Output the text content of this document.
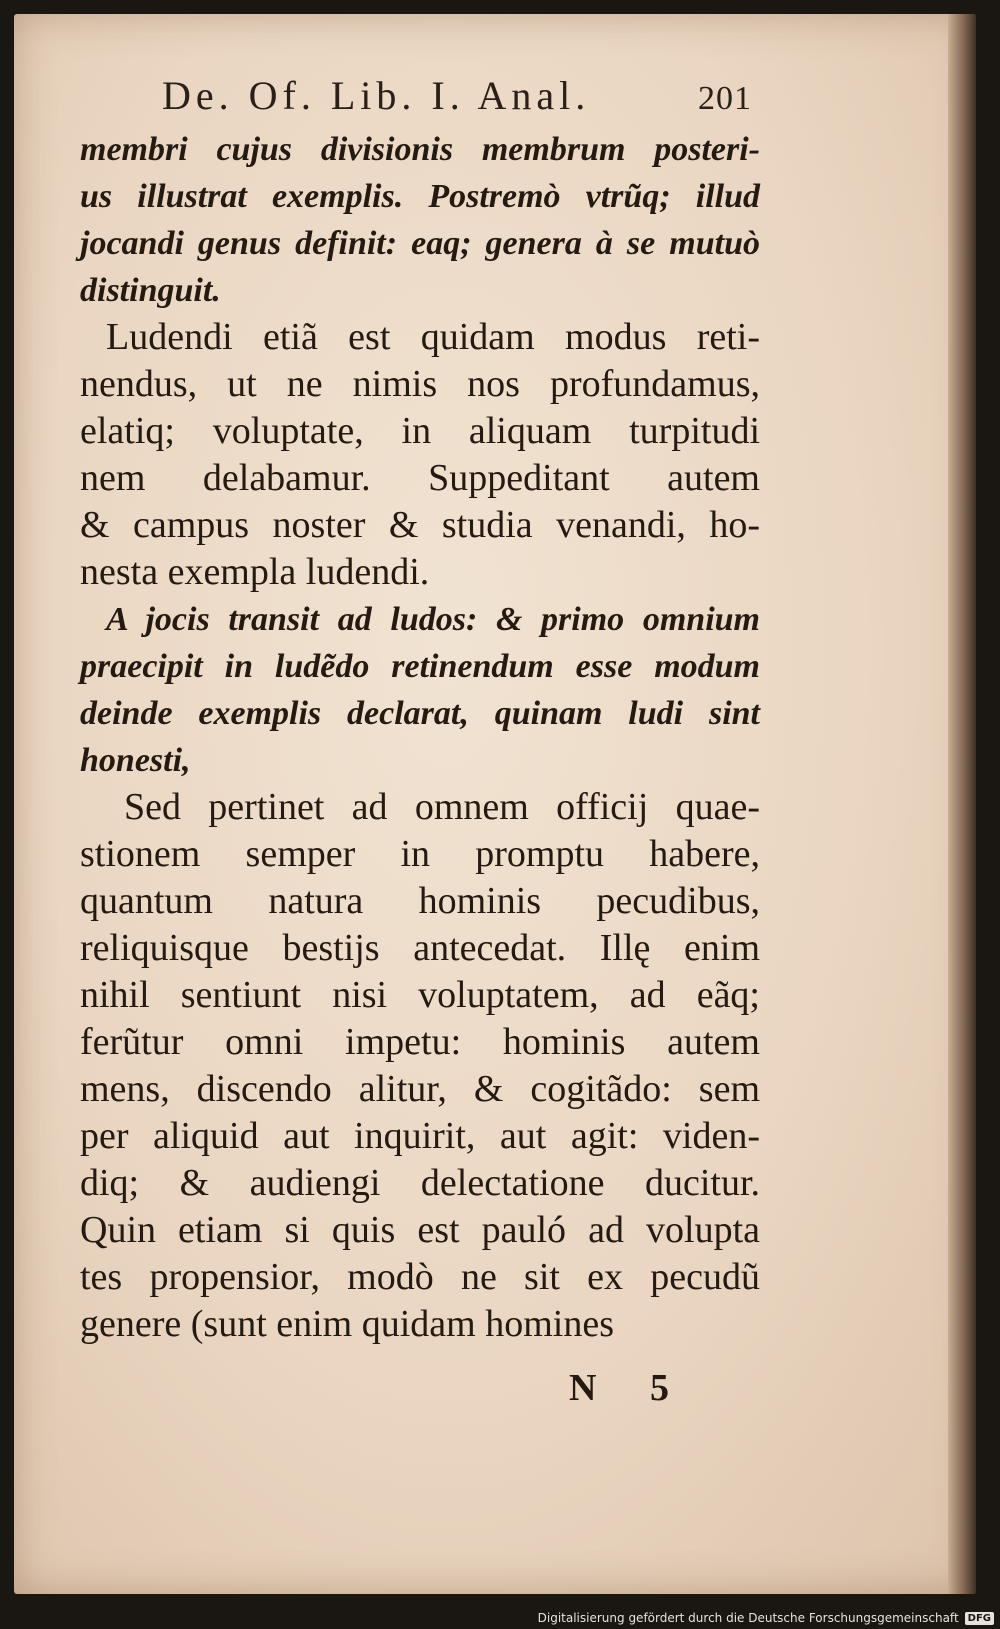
De. Of. Lib. I. Anal.	201
membri cujus divisionis membrum posteri-
us illustrat exemplis. Postremò vtrũq; illud
jocandi genus definit: eaq; genera à se mutuò
distinguit.
Ludendi etiã est quidam modus reti-
nendus, ut ne nimis nos profundamus,
elatiq; voluptate, in aliquam turpitudi
nem delabamur. Suppeditant autem
& campus noster & studia venandi, ho-
nesta exempla ludendi.
A jocis transit ad ludos: & primo omnium
praecipit in ludẽdo retinendum esse modum
deinde exemplis declarat, quinam ludi sint
honesti,
Sed pertinet ad omnem officij quae-
stionem semper in promptu habere,
quantum natura hominis pecudibus,
reliquisque bestijs antecedat. Illę enim
nihil sentiunt nisi voluptatem, ad eãq;
ferũtur omni impetu: hominis autem
mens, discendo alitur, & cogitãdo: sem
per aliquid aut inquirit, aut agit: viden-
diq; & audiengi delectatione ducitur.
Quin etiam si quis est pauló ad volupta
tes propensior, modò ne sit ex pecudũ
genere (sunt enim quidam homines
N 5
Digitalisierung gefördert durch die Deutsche Forschungsgemeinschaft DFG
